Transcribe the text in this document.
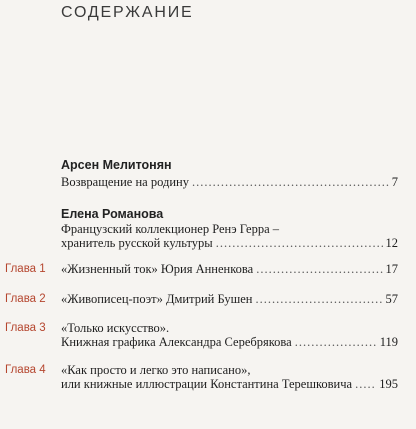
СОДЕРЖАНИЕ
Арсен Мелитонян
Возвращение на родину .....	7
Елена Романова
Французский коллекционер Ренэ Герра –
хранитель русской культуры .....	12
Глава 1 «Жизненный ток» Юрия Анненкова .....	17
Глава 2 «Живописец-поэт» Дмитрий Бушен .....	57
Глава 3 «Только искусство».
Книжная графика Александра Серебрякова .....	119
Глава 4 «Как просто и легко это написано»,
или книжные иллюстрации Константина Терешковича ..... 195
